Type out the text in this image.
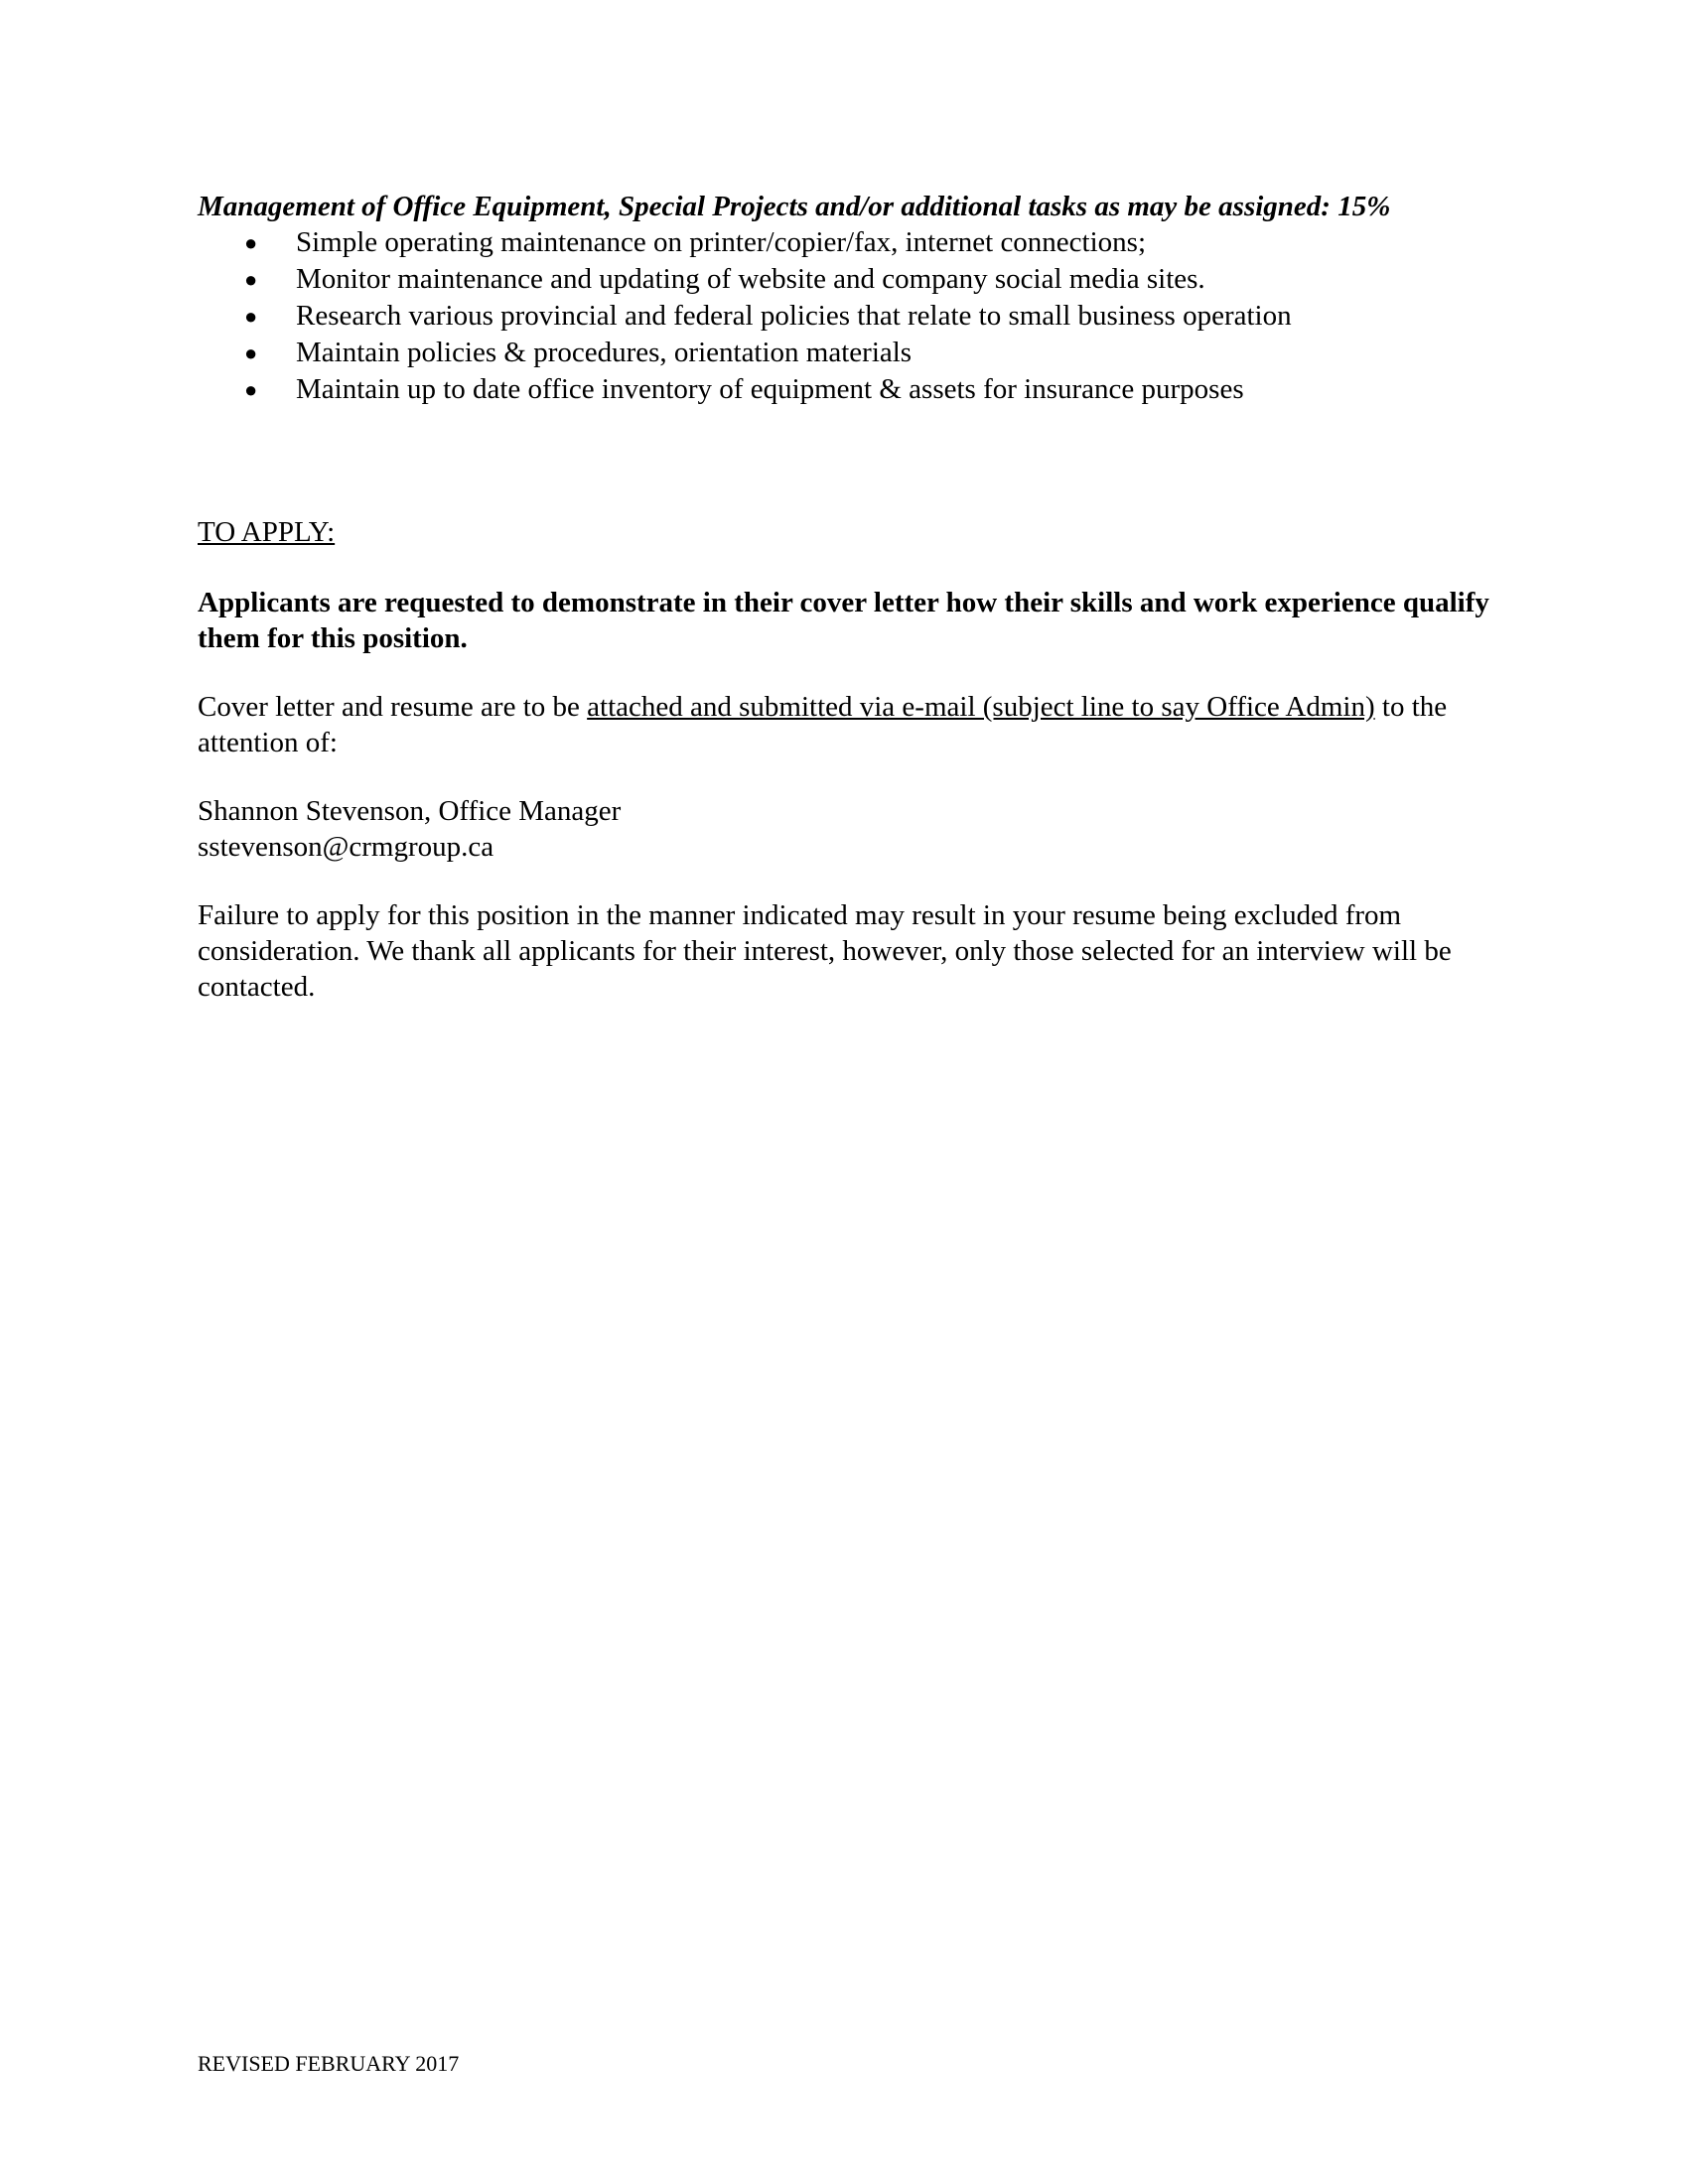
Management of Office Equipment, Special Projects and/or additional tasks as may be assigned: 15%

● Simple operating maintenance on printer/copier/fax, internet connections;
● Monitor maintenance and updating of website and company social media sites.
● Research various provincial and federal policies that relate to small business operation
● Maintain policies & procedures, orientation materials
● Maintain up to date office inventory of equipment & assets for insurance purposes

TO APPLY:

Applicants are requested to demonstrate in their cover letter how their skills and work experience qualify them for this position.

Cover letter and resume are to be attached and submitted via e-mail (subject line to say Office Admin) to the attention of:

Shannon Stevenson, Office Manager

sstevenson@crmgroup.ca

Failure to apply for this position in the manner indicated may result in your resume being excluded from consideration. We thank all applicants for their interest, however, only those selected for an interview will be contacted.

REVISED FEBRUARY 2017
